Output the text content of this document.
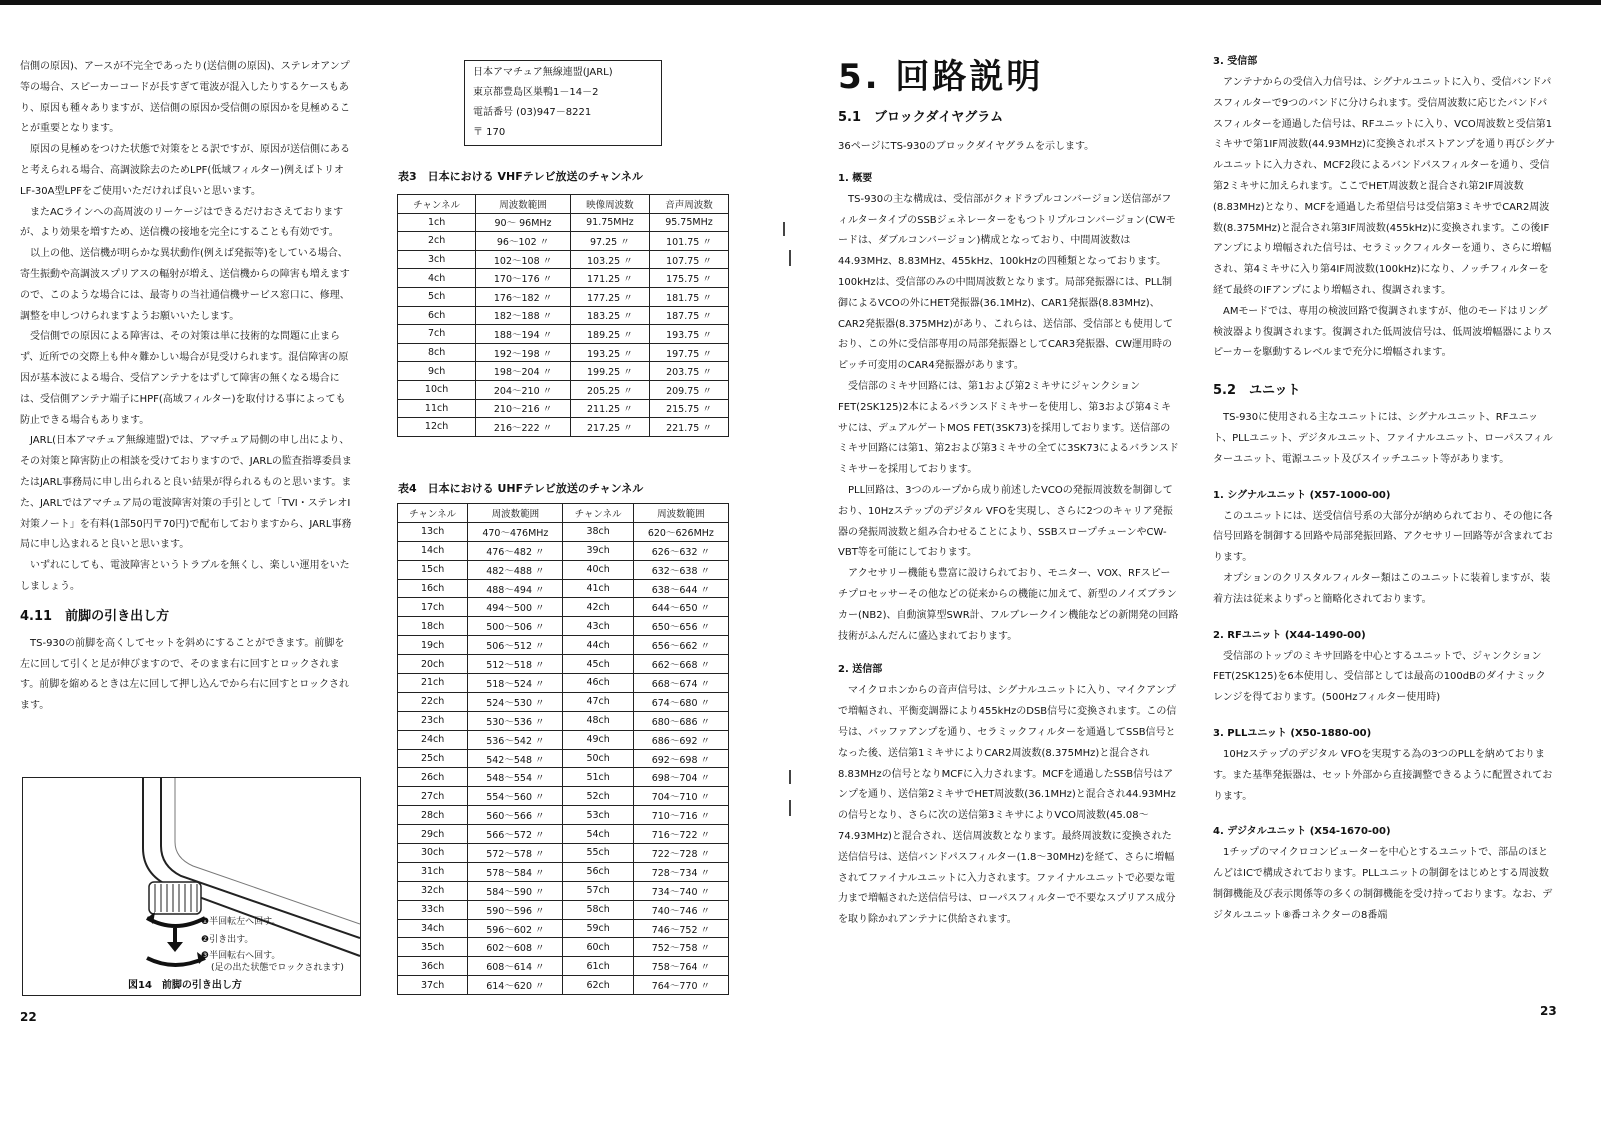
信側の原因)、アースが不完全であったり(送信側の原因)、ステレオアンプ等の場合、スピーカーコードが長すぎて電波が混入したりするケースもあり、原因も種々ありますが、送信側の原因か受信側の原因かを見極めることが重要となります。

原因の見極めをつけた状態で対策をとる訳ですが、原因が送信側にあると考えられる場合、高調波除去のためLPF(低域フィルター)例えばトリオLF-30A型LPFをご使用いただければ良いと思います。

またACラインへの高周波のリーケージはできるだけおさえておりますが、より効果を増すため、送信機の接地を完全にすることも有効です。

以上の他、送信機が明らかな異状動作(例えば発振等)をしている場合、寄生振動や高調波スプリアスの輻射が増え、送信機からの障害も増えますので、このような場合には、最寄りの当社通信機サービス窓口に、修理、調整を申しつけられますようお願いいたします。

受信側での原因による障害は、その対策は単に技術的な問題に止まらず、近所での交際上も仲々難かしい場合が見受けられます。混信障害の原因が基本波による場合、受信アンテナをはずして障害の無くなる場合には、受信側アンテナ端子にHPF(高域フィルター)を取付ける事によっても防止できる場合もあります。

JARL(日本アマチュア無線連盟)では、アマチュア局側の申し出により、その対策と障害防止の相談を受けておりますので、JARLの監査指導委員またはJARL事務局に申し出られると良い結果が得られるものと思います。また、JARLではアマチュア局の電波障害対策の手引として「TVI・ステレオI対策ノート」を有料(1部50円〒70円)で配布しておりますから、JARL事務局に申し込まれると良いと思います。

いずれにしても、電波障害というトラブルを無くし、楽しい運用をいたしましょう。

4.11　前脚の引き出し方

TS-930の前脚を高くしてセットを斜めにすることができます。前脚を左に回して引くと足が伸びますので、そのまま右に回すとロックされます。前脚を縮めるときは左に回して押し込んでから右に回すとロックされます。

❶半回転左へ回す。
❷引き出す。
❸半回転右へ回す。
(足の出た状態でロックされます)
図14　前脚の引き出し方
22
日本アマチュア無線連盟(JARL)
東京都豊島区巣鴨1－14－2
電話番号 (03)947－8221
〒 170
表3　日本における VHFテレビ放送のチャンネル
チャンネル	周波数範囲	映像周波数	音声周波数
1ch	90～ 96MHz	91.75MHz	95.75MHz
2ch	96～102 〃	97.25 〃	101.75 〃
3ch	102～108 〃	103.25 〃	107.75 〃
4ch	170～176 〃	171.25 〃	175.75 〃
5ch	176～182 〃	177.25 〃	181.75 〃
6ch	182～188 〃	183.25 〃	187.75 〃
7ch	188～194 〃	189.25 〃	193.75 〃
8ch	192～198 〃	193.25 〃	197.75 〃
9ch	198～204 〃	199.25 〃	203.75 〃
10ch	204～210 〃	205.25 〃	209.75 〃
11ch	210～216 〃	211.25 〃	215.75 〃
12ch	216～222 〃	217.25 〃	221.75 〃
表4　日本における UHFテレビ放送のチャンネル
チャンネル	周波数範囲	チャンネル	周波数範囲
13ch	470～476MHz	38ch	620～626MHz
14ch	476～482 〃	39ch	626～632 〃
15ch	482～488 〃	40ch	632～638 〃
16ch	488～494 〃	41ch	638～644 〃
17ch	494～500 〃	42ch	644～650 〃
18ch	500～506 〃	43ch	650～656 〃
19ch	506～512 〃	44ch	656～662 〃
20ch	512～518 〃	45ch	662～668 〃
21ch	518～524 〃	46ch	668～674 〃
22ch	524～530 〃	47ch	674～680 〃
23ch	530～536 〃	48ch	680～686 〃
24ch	536～542 〃	49ch	686～692 〃
25ch	542～548 〃	50ch	692～698 〃
26ch	548～554 〃	51ch	698～704 〃
27ch	554～560 〃	52ch	704～710 〃
28ch	560～566 〃	53ch	710～716 〃
29ch	566～572 〃	54ch	716～722 〃
30ch	572～578 〃	55ch	722～728 〃
31ch	578～584 〃	56ch	728～734 〃
32ch	584～590 〃	57ch	734～740 〃
33ch	590～596 〃	58ch	740～746 〃
34ch	596～602 〃	59ch	746～752 〃
35ch	602～608 〃	60ch	752～758 〃
36ch	608～614 〃	61ch	758～764 〃
37ch	614～620 〃	62ch	764～770 〃
5. 回路説明
5.1　ブロックダイヤグラム

36ページにTS-930のブロックダイヤグラムを示します。

1. 概要

TS-930の主な構成は、受信部がクォドラプルコンバージョン送信部がフィルタータイプのSSBジェネレーターをもつトリプルコンバージョン(CWモードは、ダブルコンバージョン)構成となっており、中間周波数は44.93MHz、8.83MHz、455kHz、100kHzの四種類となっております。100kHzは、受信部のみの中間周波数となります。局部発振器には、PLL制御によるVCOの外にHET発振器(36.1MHz)、CAR1発振器(8.83MHz)、CAR2発振器(8.375MHz)があり、これらは、送信部、受信部とも使用しており、この外に受信部専用の局部発振器としてCAR3発振器、CW運用時のピッチ可変用のCAR4発振器があります。

受信部のミキサ回路には、第1および第2ミキサにジャンクションFET(2SK125)2本によるバランスドミキサーを使用し、第3および第4ミキサには、デュアルゲートMOS FET(3SK73)を採用しております。送信部のミキサ回路には第1、第2および第3ミキサの全てに3SK73によるバランスドミキサーを採用しております。

PLL回路は、3つのループから成り前述したVCOの発振周波数を制御しており、10Hzステップのデジタル VFOを実現し、さらに2つのキャリア発振器の発振周波数と組み合わせることにより、SSBスロープチューンやCW-VBT等を可能にしております。

アクセサリー機能も豊富に設けられており、モニター、VOX、RFスピーチプロセッサーその他などの従来からの機能に加えて、新型のノイズブランカー(NB2)、自動演算型SWR計、フルブレークイン機能などの新開発の回路技術がふんだんに盛込まれております。

2. 送信部

マイクロホンからの音声信号は、シグナルユニットに入り、マイクアンプで増幅され、平衡変調器により455kHzのDSB信号に変換されます。この信号は、バッファアンプを通り、セラミックフィルターを通過してSSB信号となった後、送信第1ミキサによりCAR2周波数(8.375MHz)と混合され8.83MHzの信号となりMCFに入力されます。MCFを通過したSSB信号はアンプを通り、送信第2ミキサでHET周波数(36.1MHz)と混合され44.93MHzの信号となり、さらに次の送信第3ミキサによりVCO周波数(45.08～74.93MHz)と混合され、送信周波数となります。最終周波数に変換された送信信号は、送信バンドパスフィルター(1.8～30MHz)を経て、さらに増幅されてファイナルユニットに入力されます。ファイナルユニットで必要な電力まで増幅された送信信号は、ローパスフィルターで不要なスプリアス成分を取り除かれアンテナに供給されます。

3. 受信部

アンテナからの受信入力信号は、シグナルユニットに入り、受信バンドパスフィルターで9つのバンドに分けられます。受信周波数に応じたバンドパスフィルターを通過した信号は、RFユニットに入り、VCO周波数と受信第1ミキサで第1IF周波数(44.93MHz)に変換されポストアンプを通り再びシグナルユニットに入力され、MCF2段によるバンドパスフィルターを通り、受信第2ミキサに加えられます。ここでHET周波数と混合され第2IF周波数(8.83MHz)となり、MCFを通過した希望信号は受信第3ミキサでCAR2周波数(8.375MHz)と混合され第3IF周波数(455kHz)に変換されます。この後IFアンプにより増幅された信号は、セラミックフィルターを通り、さらに増幅され、第4ミキサに入り第4IF周波数(100kHz)になり、ノッチフィルターを経て最終のIFアンプにより増幅され、復調されます。

AMモードでは、専用の検波回路で復調されますが、他のモードはリング検波器より復調されます。復調された低周波信号は、低周波増幅器によりスピーカーを駆動するレベルまで充分に増幅されます。

5.2　ユニット

TS-930に使用される主なユニットには、シグナルユニット、RFユニット、PLLユニット、デジタルユニット、ファイナルユニット、ローパスフィルターユニット、電源ユニット及びスイッチユニット等があります。

1. シグナルユニット (X57-1000-00)

このユニットには、送受信信号系の大部分が納められており、その他に各信号回路を制御する回路や局部発振回路、アクセサリー回路等が含まれております。

オプションのクリスタルフィルター類はこのユニットに装着しますが、装着方法は従来よりずっと簡略化されております。

2. RFユニット (X44-1490-00)

受信部のトップのミキサ回路を中心とするユニットで、ジャンクションFET(2SK125)を6本使用し、受信部としては最高の100dBのダイナミックレンジを得ております。(500Hzフィルター使用時)

3. PLLユニット (X50-1880-00)

10Hzステップのデジタル VFOを実現する為の3つのPLLを納めております。また基準発振器は、セット外部から直接調整できるように配置されております。

4. デジタルユニット (X54-1670-00)

1チップのマイクロコンピューターを中心とするユニットで、部品のほとんどはICで構成されております。PLLユニットの制御をはじめとする周波数制御機能及び表示関係等の多くの制御機能を受け持っております。なお、デジタルユニット⑧番コネクターの8番端

23
